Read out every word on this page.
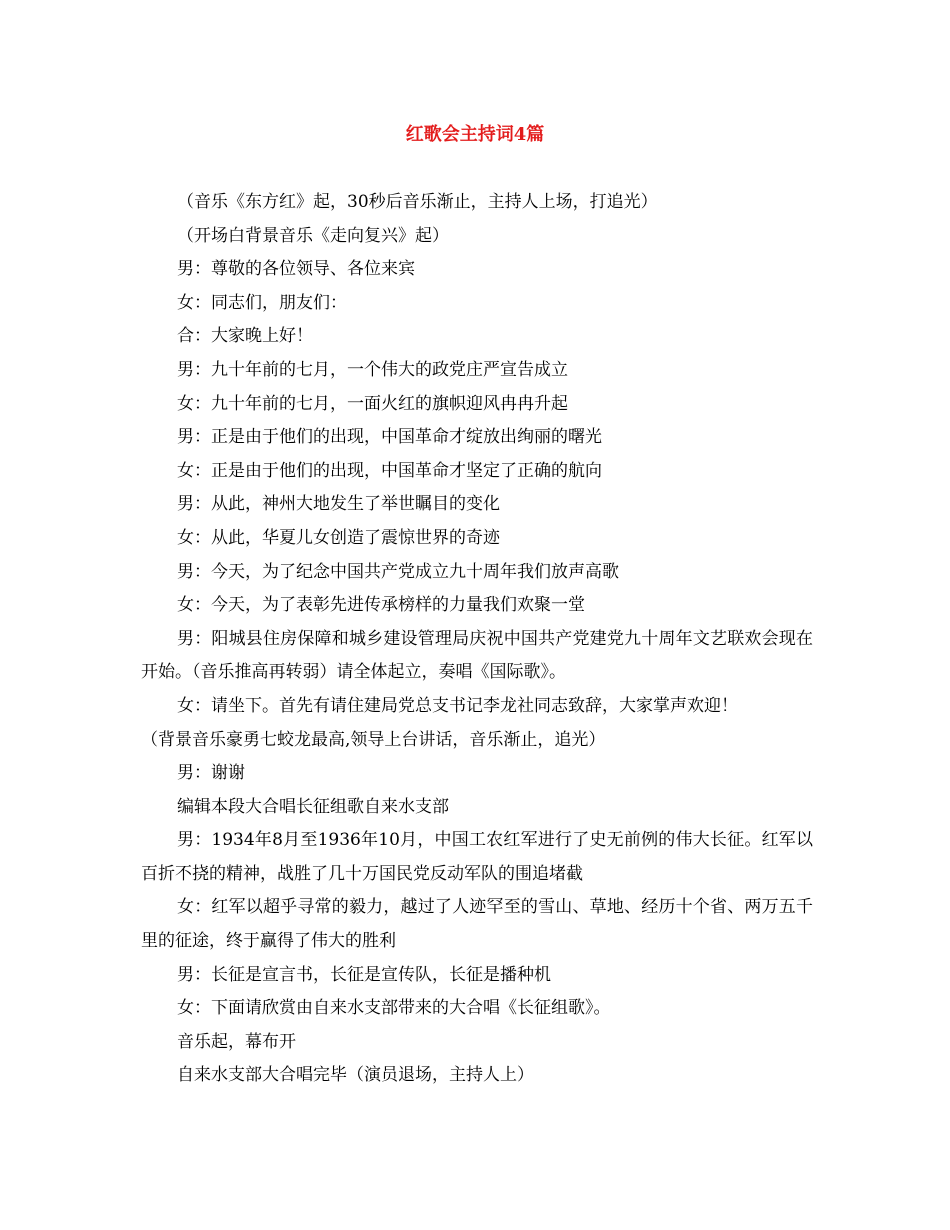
红歌会主持词4篇

（音乐《东方红》起，30秒后音乐渐止，主持人上场，打追光）

（开场白背景音乐《走向复兴》起）

男：尊敬的各位领导、各位来宾

女：同志们，朋友们：

合：大家晚上好！

男：九十年前的七月，一个伟大的政党庄严宣告成立

女：九十年前的七月，一面火红的旗帜迎风冉冉升起

男：正是由于他们的出现，中国革命才绽放出绚丽的曙光

女：正是由于他们的出现，中国革命才坚定了正确的航向

男：从此，神州大地发生了举世瞩目的变化

女：从此，华夏儿女创造了震惊世界的奇迹

男：今天，为了纪念中国共产党成立九十周年我们放声高歌

女：今天，为了表彰先进传承榜样的力量我们欢聚一堂

男：阳城县住房保障和城乡建设管理局庆祝中国共产党建党九十周年文艺联欢会现在开始。（音乐推高再转弱）请全体起立，奏唱《国际歌》。

女：请坐下。首先有请住建局党总支书记李龙社同志致辞，大家掌声欢迎！

（背景音乐豪勇七蛟龙最高,领导上台讲话，音乐渐止，追光）

男：谢谢

编辑本段大合唱长征组歌自来水支部

男：1934年8月至1936年10月，中国工农红军进行了史无前例的伟大长征。红军以百折不挠的精神，战胜了几十万国民党反动军队的围追堵截

女：红军以超乎寻常的毅力，越过了人迹罕至的雪山、草地、经历十个省、两万五千里的征途，终于赢得了伟大的胜利

男：长征是宣言书，长征是宣传队，长征是播种机

女：下面请欣赏由自来水支部带来的大合唱《长征组歌》。

音乐起，幕布开

自来水支部大合唱完毕（演员退场，主持人上）
